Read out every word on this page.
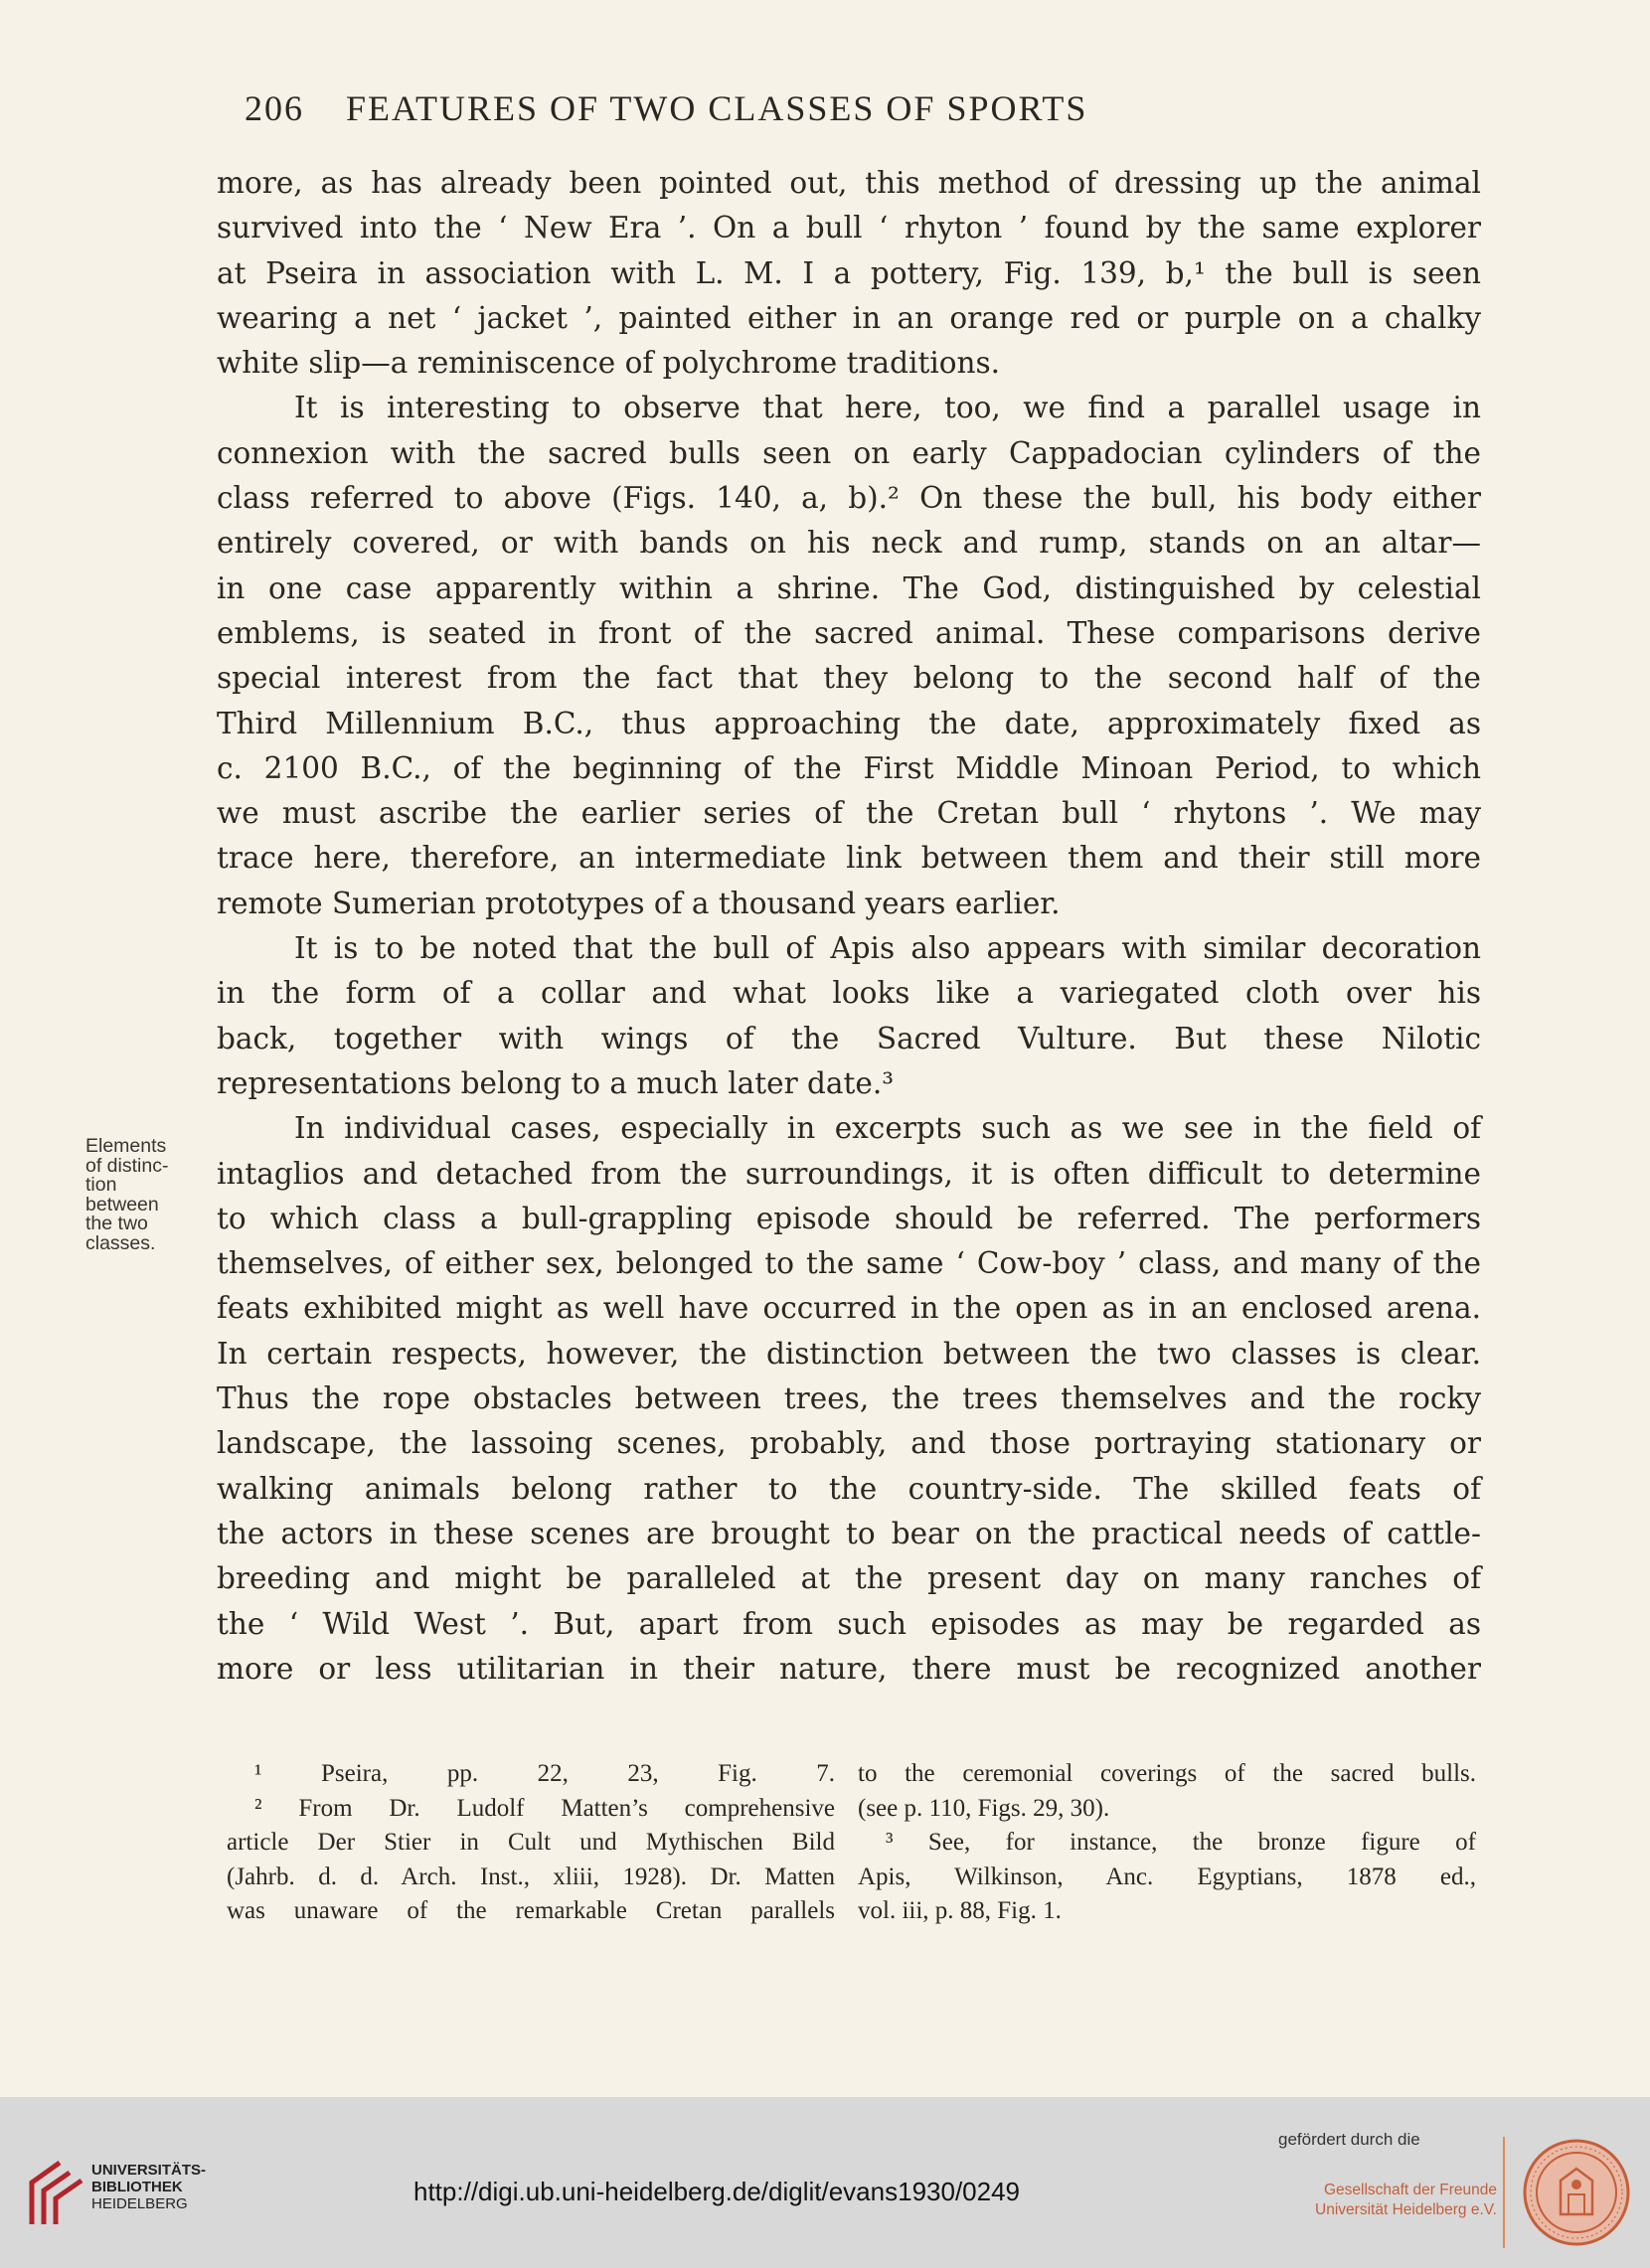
206 FEATURES OF TWO CLASSES OF SPORTS
more, as has already been pointed out, this method of dressing up the animal
survived into the ‘ New Era ’. On a bull ‘ rhyton ’ found by the same explorer
at Pseira in association with L. M. I a pottery, Fig. 139, b,¹ the bull is seen
wearing a net ‘ jacket ’, painted either in an orange red or purple on a chalky
white slip—a reminiscence of polychrome traditions.
It is interesting to observe that here, too, we find a parallel usage in
connexion with the sacred bulls seen on early Cappadocian cylinders of the
class referred to above (Figs. 140, a, b).² On these the bull, his body either
entirely covered, or with bands on his neck and rump, stands on an altar—
in one case apparently within a shrine. The God, distinguished by celestial
emblems, is seated in front of the sacred animal. These comparisons derive
special interest from the fact that they belong to the second half of the
Third Millennium B.C., thus approaching the date, approximately fixed as
c. 2100 B.C., of the beginning of the First Middle Minoan Period, to which
we must ascribe the earlier series of the Cretan bull ‘ rhytons ’. We may
trace here, therefore, an intermediate link between them and their still more
remote Sumerian prototypes of a thousand years earlier.
It is to be noted that the bull of Apis also appears with similar decoration
in the form of a collar and what looks like a variegated cloth over his
back, together with wings of the Sacred Vulture. But these Nilotic
representations belong to a much later date.³
In individual cases, especially in excerpts such as we see in the field of
intaglios and detached from the surroundings, it is often difficult to determine
to which class a bull-grappling episode should be referred. The performers
themselves, of either sex, belonged to the same ‘ Cow-boy ’ class, and many of the
feats exhibited might as well have occurred in the open as in an enclosed arena.
In certain respects, however, the distinction between the two classes is clear.
Thus the rope obstacles between trees, the trees themselves and the rocky
landscape, the lassoing scenes, probably, and those portraying stationary or
walking animals belong rather to the country-side. The skilled feats of
the actors in these scenes are brought to bear on the practical needs of cattle-
breeding and might be paralleled at the present day on many ranches of
the ‘ Wild West ’. But, apart from such episodes as may be regarded as
more or less utilitarian in their nature, there must be recognized another
Elements
of distinc-
tion
between
the two
classes.
¹ Pseira, pp. 22, 23, Fig. 7.
² From Dr. Ludolf Matten’s comprehensive
article Der Stier in Cult und Mythischen Bild
(Jahrb. d. d. Arch. Inst., xliii, 1928). Dr. Matten
was unaware of the remarkable Cretan parallels
to the ceremonial coverings of the sacred bulls.
(see p. 110, Figs. 29, 30).
³ See, for instance, the bronze figure of
Apis, Wilkinson, Anc. Egyptians, 1878 ed.,
vol. iii, p. 88, Fig. 1.
UNIVERSITÄTS-
BIBLIOTHEK
HEIDELBERG	http://digi.ub.uni-heidelberg.de/diglit/evans1930/0249
gefördert durch die
Gesellschaft der Freunde
Universität Heidelberg e.V.
